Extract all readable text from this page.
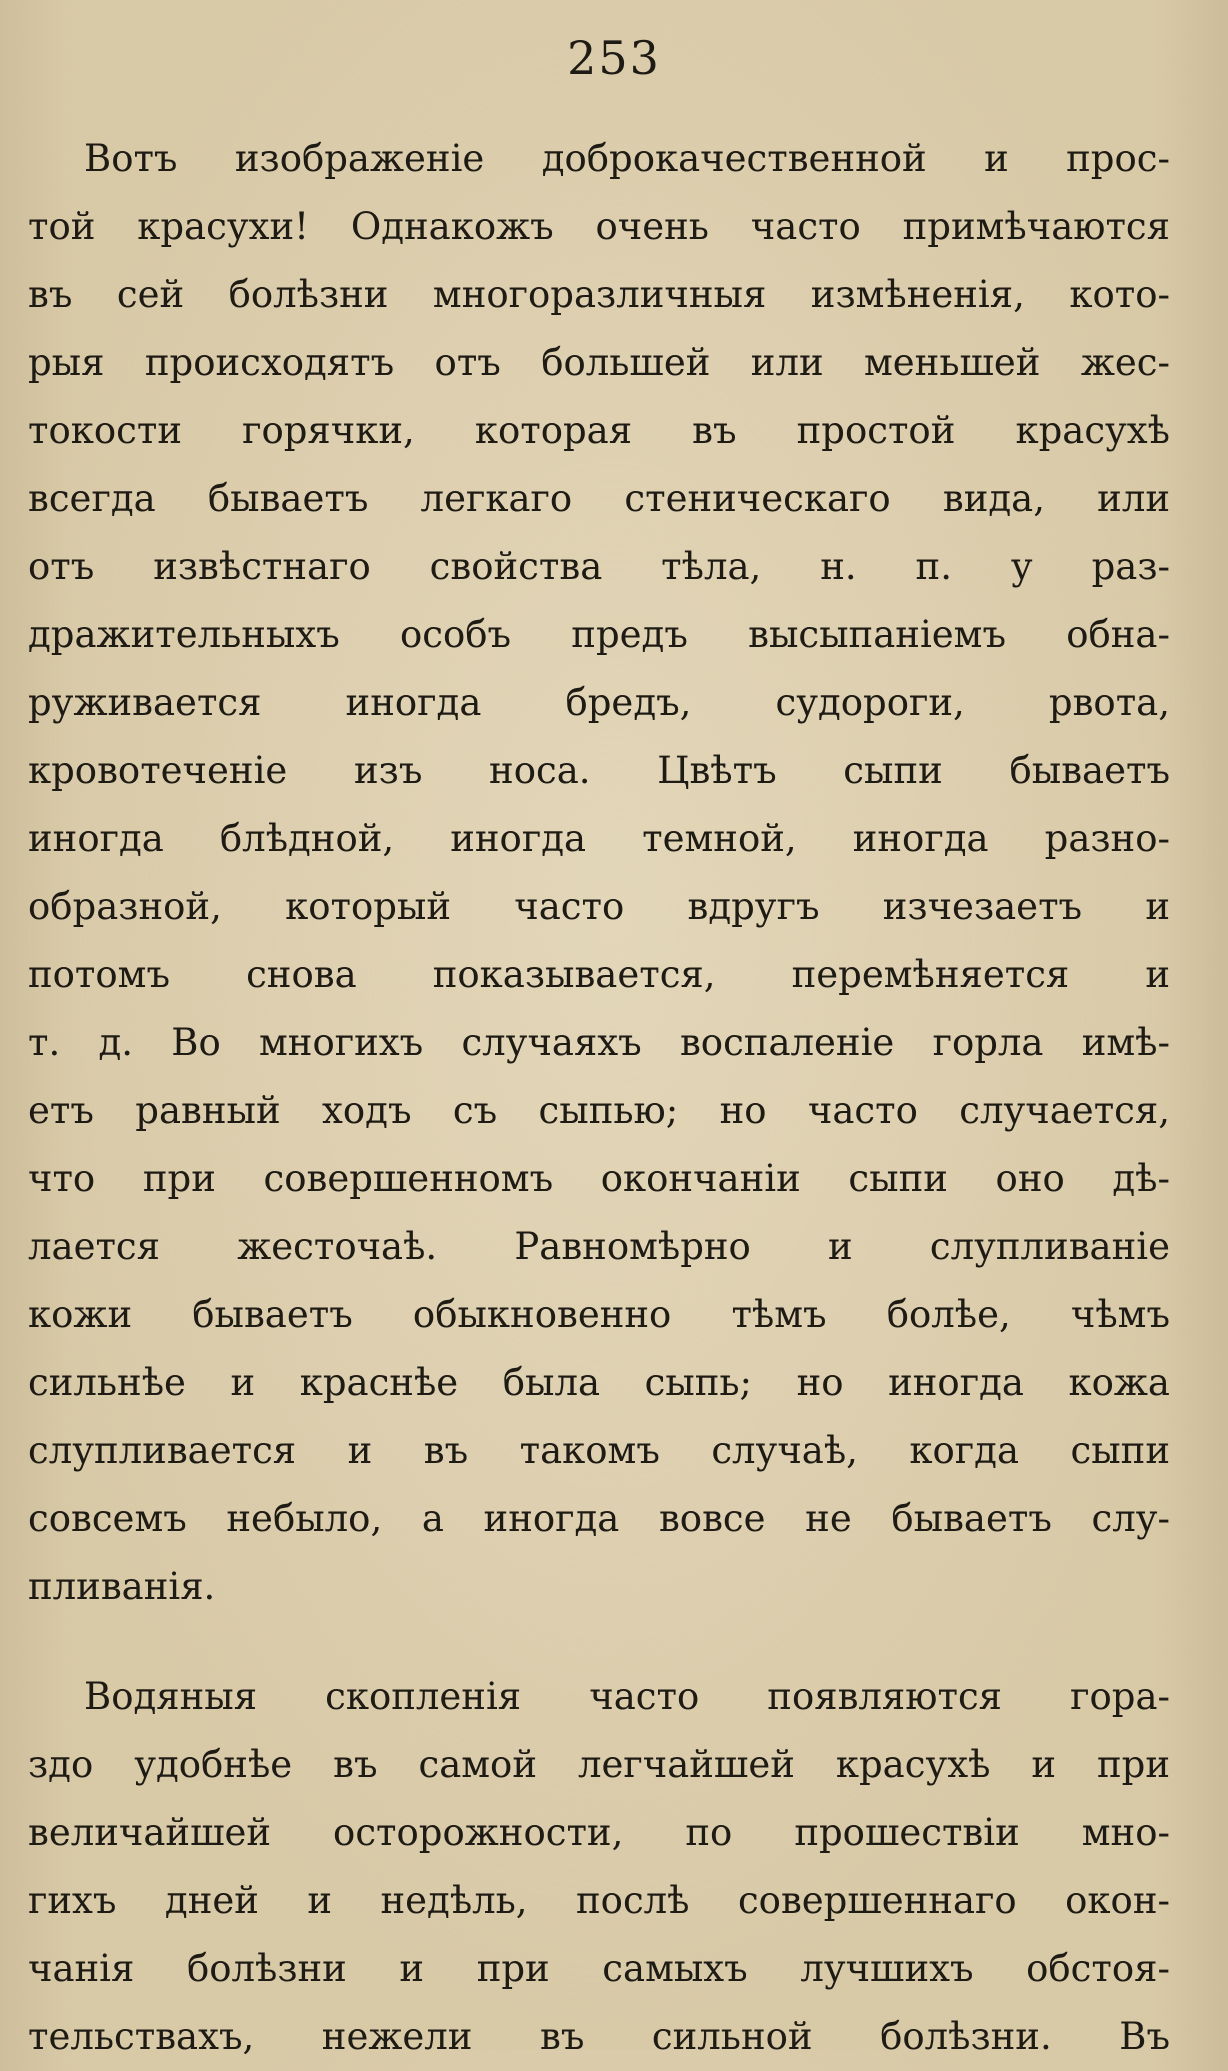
253

Вотъ изображенiе доброкачественной и прос-
той красухи! Однакожъ очень часто примѣчаются
въ сей болѣзни многоразличныя измѣненiя, кото-
рыя происходятъ отъ большей или меньшей жес-
токости горячки, которая въ простой красухѣ
всегда бываетъ легкаго стеническаго вида, или
отъ извѣстнаго свойства тѣла, н. п. у раз-
дражительныхъ особъ предъ высыпанiемъ обна-
руживается иногда бредъ, судороги, рвота,
кровотеченiе изъ носа. Цвѣтъ сыпи бываетъ
иногда блѣдной, иногда темной, иногда разно-
образной, который часто вдругъ изчезаетъ и
потомъ снова показывается, перемѣняется и
т. д. Во многихъ случаяхъ воспаленiе горла имѣ-
етъ равный ходъ съ сыпью; но часто случается,
что при совершенномъ окончанiи сыпи оно дѣ-
лается жесточаѣ. Равномѣрно и слупливанiе
кожи бываетъ обыкновенно тѣмъ болѣе, чѣмъ
сильнѣе и краснѣе была сыпь; но иногда кожа
слупливается и въ такомъ случаѣ, когда сыпи
совсемъ небыло, а иногда вовсе не бываетъ слу-
пливанiя.

Водяныя скопленiя часто появляются гора-
здо удобнѣе въ самой легчайшей красухѣ и при
величайшей осторожности, по прошествiи мно-
гихъ дней и недѣль, послѣ совершеннаго окон-
чанiя болѣзни и при самыхъ лучшихъ обстоя-
тельствахъ, нежели въ сильной болѣзни. Въ
